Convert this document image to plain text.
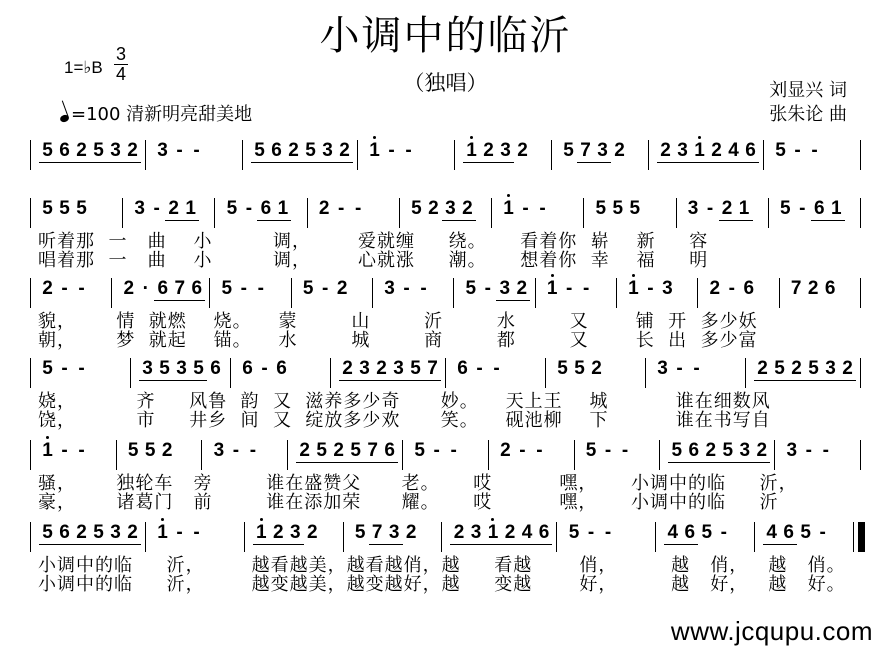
小调中的临沂
（独唱）
1=♭B $\frac{3}{4}$
=100 清新明亮甜美地
刘显兴 词
张朱论 曲
5 6 2 5 3 2 3 - -	5 6 2 5 3 2 1 - -	1 2 3 2 5 7 3 2 2 3 1 2 4 6 5 - -
5 5 5	3 - 2 1 5 - 6 1 2 - -	5 2 3 2 1 - -	5 5 5	3 - 2 1 5 - 6 1
听着那  一   曲    小         调，       爱就缠     绕。     看着你  崭    新     容
唱着那  一   曲    小         调，       心就涨     潮。     想着你  幸    福     明
2 - - 2 · 6 7 6 5 - - 5 - 2 3 - - 5 - 3 2 1 - - 1 - 3 2 - 6 7 2 6
貌，      情  就燃    烧。    蒙        山        沂        水        又       铺  开  多少妖
朝，      梦  就起    锚。    水        城        商        都        又       长  出  多少富
5 - -	3 5 3 5 6 6 - 6	2 3 2 3 5 7 6 - -	5 5 2	3 - -	2 5 2 5 3 2
娆，         齐     风鲁  韵  又  滋养多少奇      妙。    天上王    城          谁在细数风
饶，         市     井乡  间  又  绽放多少欢      笑。    砚池柳    下          谁在书写自
1 - - 5 5 2 3 - - 2 5 2 5 7 6 5 - - 2 - - 5 - - 5 6 2 5 3 2 3 - -
骚，      独轮车   旁        谁在盛赞父      老。     哎          嘿，     小调中的临     沂，
豪，      诸葛门   前        谁在添加荣      耀。     哎          嘿，     小调中的临     沂
5 6 2 5 3 2 1 - -	1 2 3 2 5 7 3 2 2 3 1 2 4 6 5 - -	4 6 5 - 4 6 5 -
小调中的临     沂，       越看越美，越看越俏，越     看越       俏，        越   俏，   越   俏。
小调中的临     沂，       越变越美，越变越好，越     变越       好，        越   好，   越   好。
www.jcqupu.com
